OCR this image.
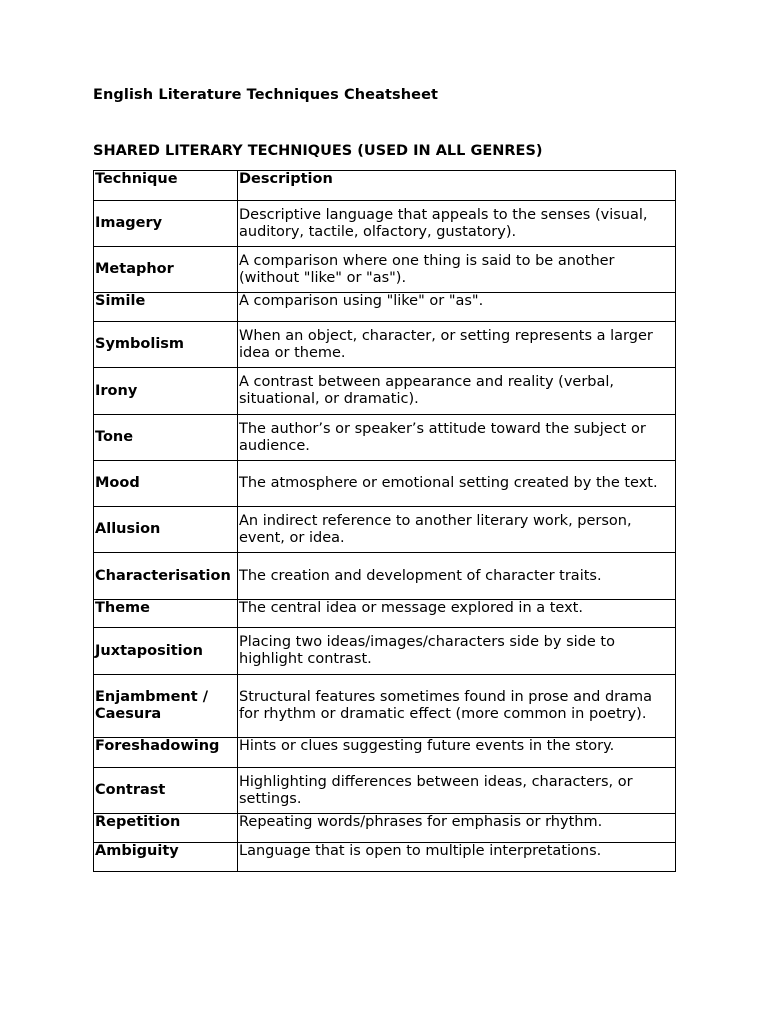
English Literature Techniques Cheatsheet
SHARED LITERARY TECHNIQUES (USED IN ALL GENRES)
Technique	Description
Imagery	Descriptive language that appeals to the senses (visual, auditory, tactile, olfactory, gustatory).
Metaphor	A comparison where one thing is said to be another (without "like" or "as").
Simile	A comparison using "like" or "as".
Symbolism	When an object, character, or setting represents a larger idea or theme.
Irony	A contrast between appearance and reality (verbal, situational, or dramatic).
Tone	The author’s or speaker’s attitude toward the subject or audience.
Mood	The atmosphere or emotional setting created by the text.
Allusion	An indirect reference to another literary work, person, event, or idea.
Characterisation	The creation and development of character traits.
Theme	The central idea or message explored in a text.
Juxtaposition	Placing two ideas/images/characters side by side to highlight contrast.
Enjambment / Caesura	Structural features sometimes found in prose and drama for rhythm or dramatic effect (more common in poetry).
Foreshadowing	Hints or clues suggesting future events in the story.
Contrast	Highlighting differences between ideas, characters, or settings.
Repetition	Repeating words/phrases for emphasis or rhythm.
Ambiguity	Language that is open to multiple interpretations.
